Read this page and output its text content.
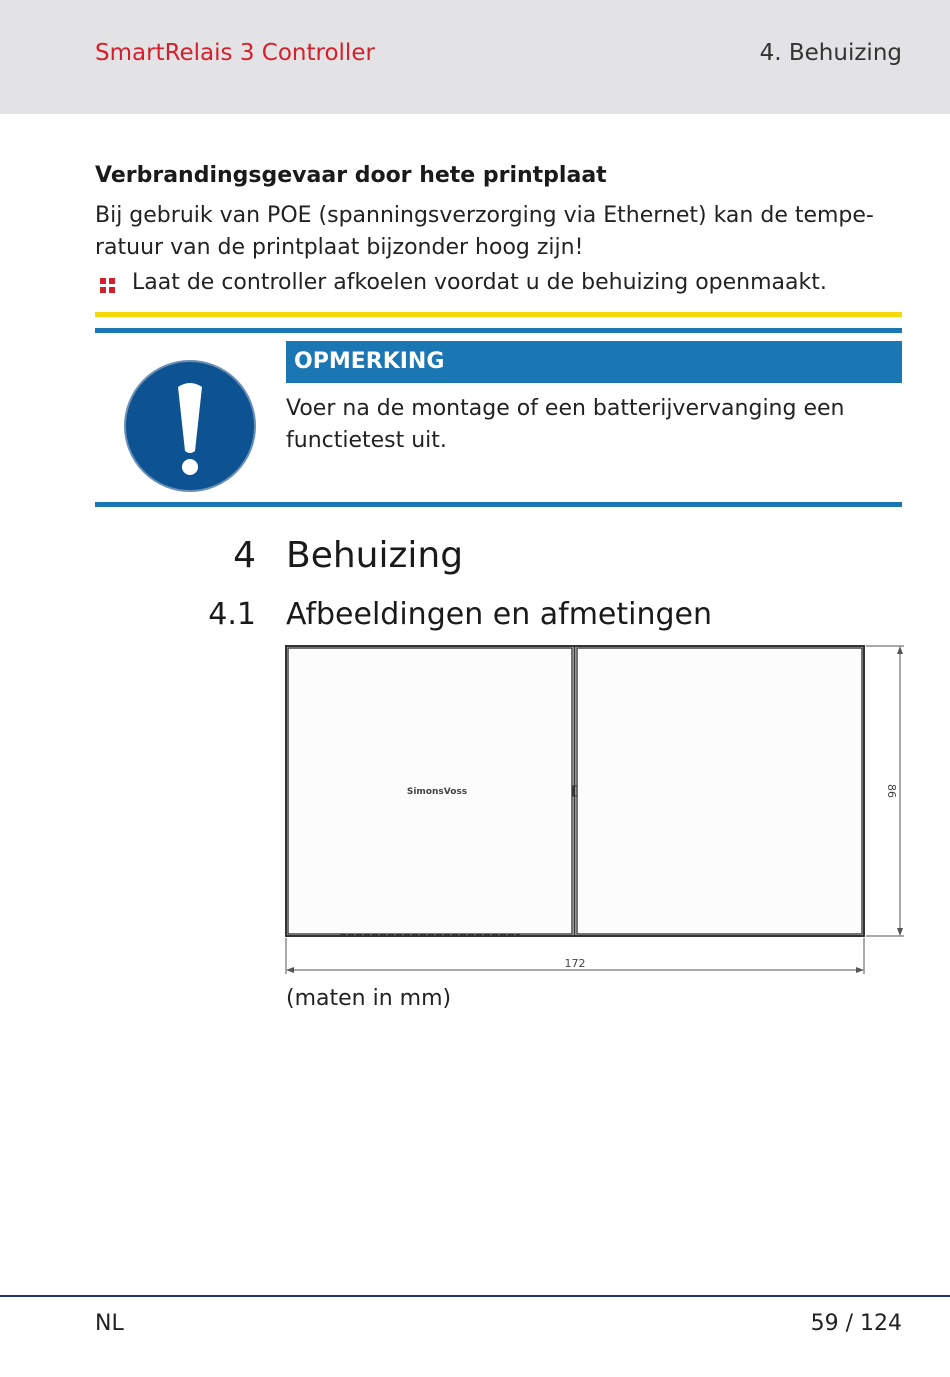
SmartRelais 3 Controller	4. Behuizing
Verbrandingsgevaar door hete printplaat
Bij gebruik van POE (spanningsverzorging via Ethernet) kan de tempe-ratuur van de printplaat bijzonder hoog zijn!
Laat de controller afkoelen voordat u de behuizing openmaakt.
OPMERKING
Voer na de montage of een batterijvervanging een functietest uit.
4 Behuizing
4.1 Afbeeldingen en afmetingen
SimonsVoss	86
172
(maten in mm)
NL	59 / 124
